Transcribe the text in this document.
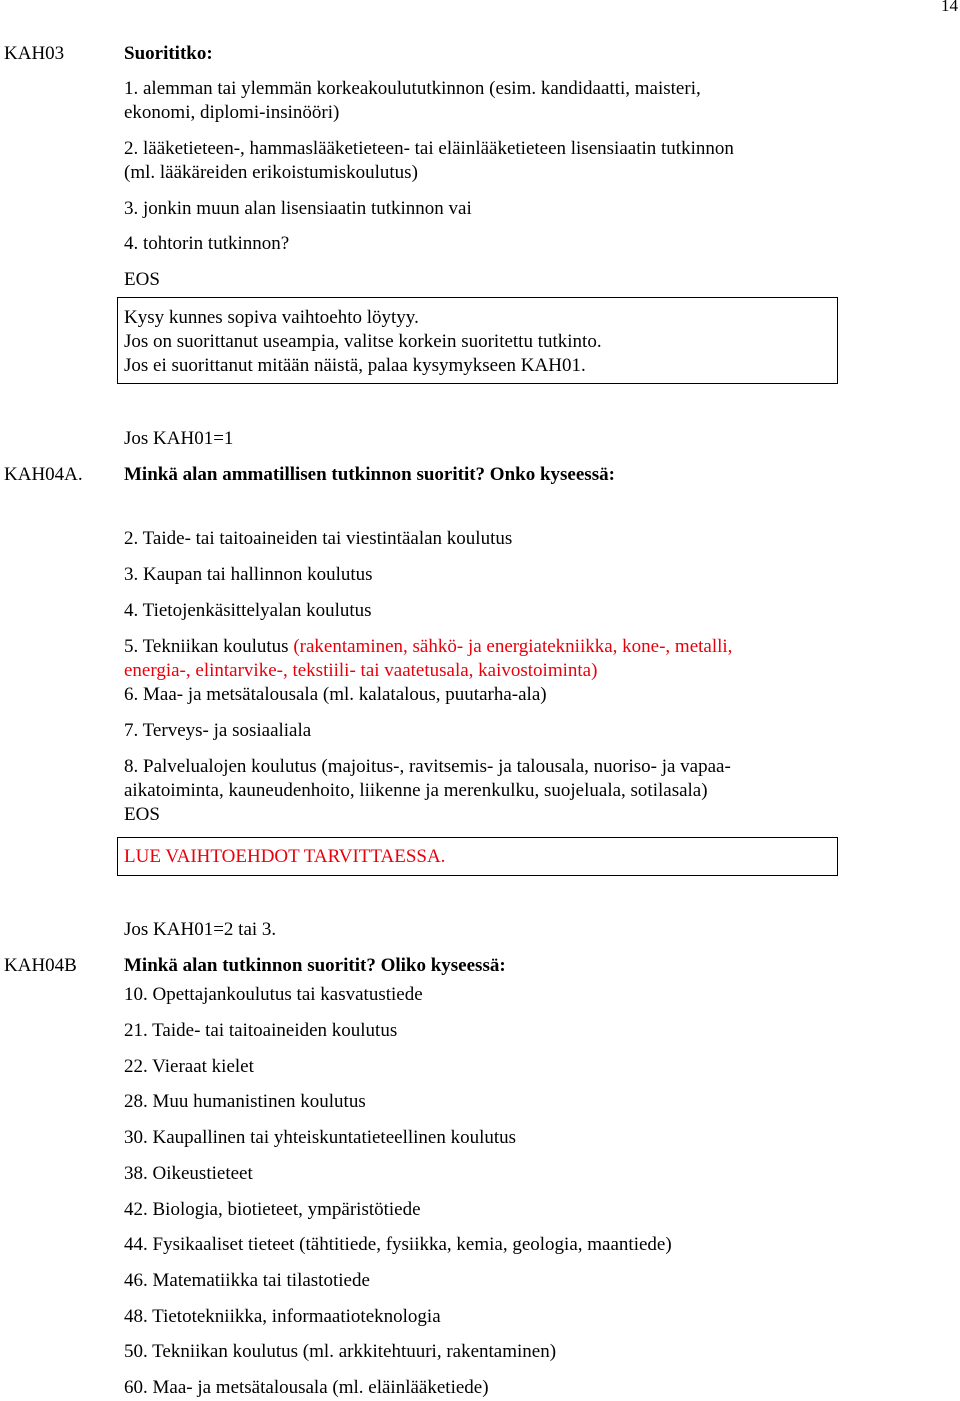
14
KAH03	Suorititko:
1. alemman tai ylemmän korkeakoulututkinnon (esim. kandidaatti, maisteri,
ekonomi, diplomi-insinööri)
2. lääketieteen-, hammaslääketieteen- tai eläinlääketieteen lisensiaatin tutkinnon
(ml. lääkäreiden erikoistumiskoulutus)
3. jonkin muun alan lisensiaatin tutkinnon vai
4. tohtorin tutkinnon?
EOS
Kysy kunnes sopiva vaihtoehto löytyy.
Jos on suorittanut useampia, valitse korkein suoritettu tutkinto.
Jos ei suorittanut mitään näistä, palaa kysymykseen KAH01.
Jos KAH01=1
KAH04A. Minkä alan ammatillisen tutkinnon suoritit? Onko kyseessä:
2. Taide- tai taitoaineiden tai viestintäalan koulutus
3. Kaupan tai hallinnon koulutus
4. Tietojenkäsittelyalan koulutus
5. Tekniikan koulutus (rakentaminen, sähkö- ja energiatekniikka, kone-, metalli,
energia-, elintarvike-, tekstiili- tai vaatetusala, kaivostoiminta)
6. Maa- ja metsätalousala (ml. kalatalous, puutarha-ala)
7. Terveys- ja sosiaaliala
8. Palvelualojen koulutus (majoitus-, ravitsemis- ja talousala, nuoriso- ja vapaa-
aikatoiminta, kauneudenhoito, liikenne ja merenkulku, suojeluala, sotilasala)
EOS
LUE VAIHTOEHDOT TARVITTAESSA.
Jos KAH01=2 tai 3.
KAH04B Minkä alan tutkinnon suoritit? Oliko kyseessä:
10. Opettajankoulutus tai kasvatustiede
21. Taide- tai taitoaineiden koulutus
22. Vieraat kielet
28. Muu humanistinen koulutus
30. Kaupallinen tai yhteiskuntatieteellinen koulutus
38. Oikeustieteet
42. Biologia, biotieteet, ympäristötiede
44. Fysikaaliset tieteet (tähtitiede, fysiikka, kemia, geologia, maantiede)
46. Matematiikka tai tilastotiede
48. Tietotekniikka, informaatioteknologia
50. Tekniikan koulutus (ml. arkkitehtuuri, rakentaminen)
60. Maa- ja metsätalousala (ml. eläinlääketiede)
